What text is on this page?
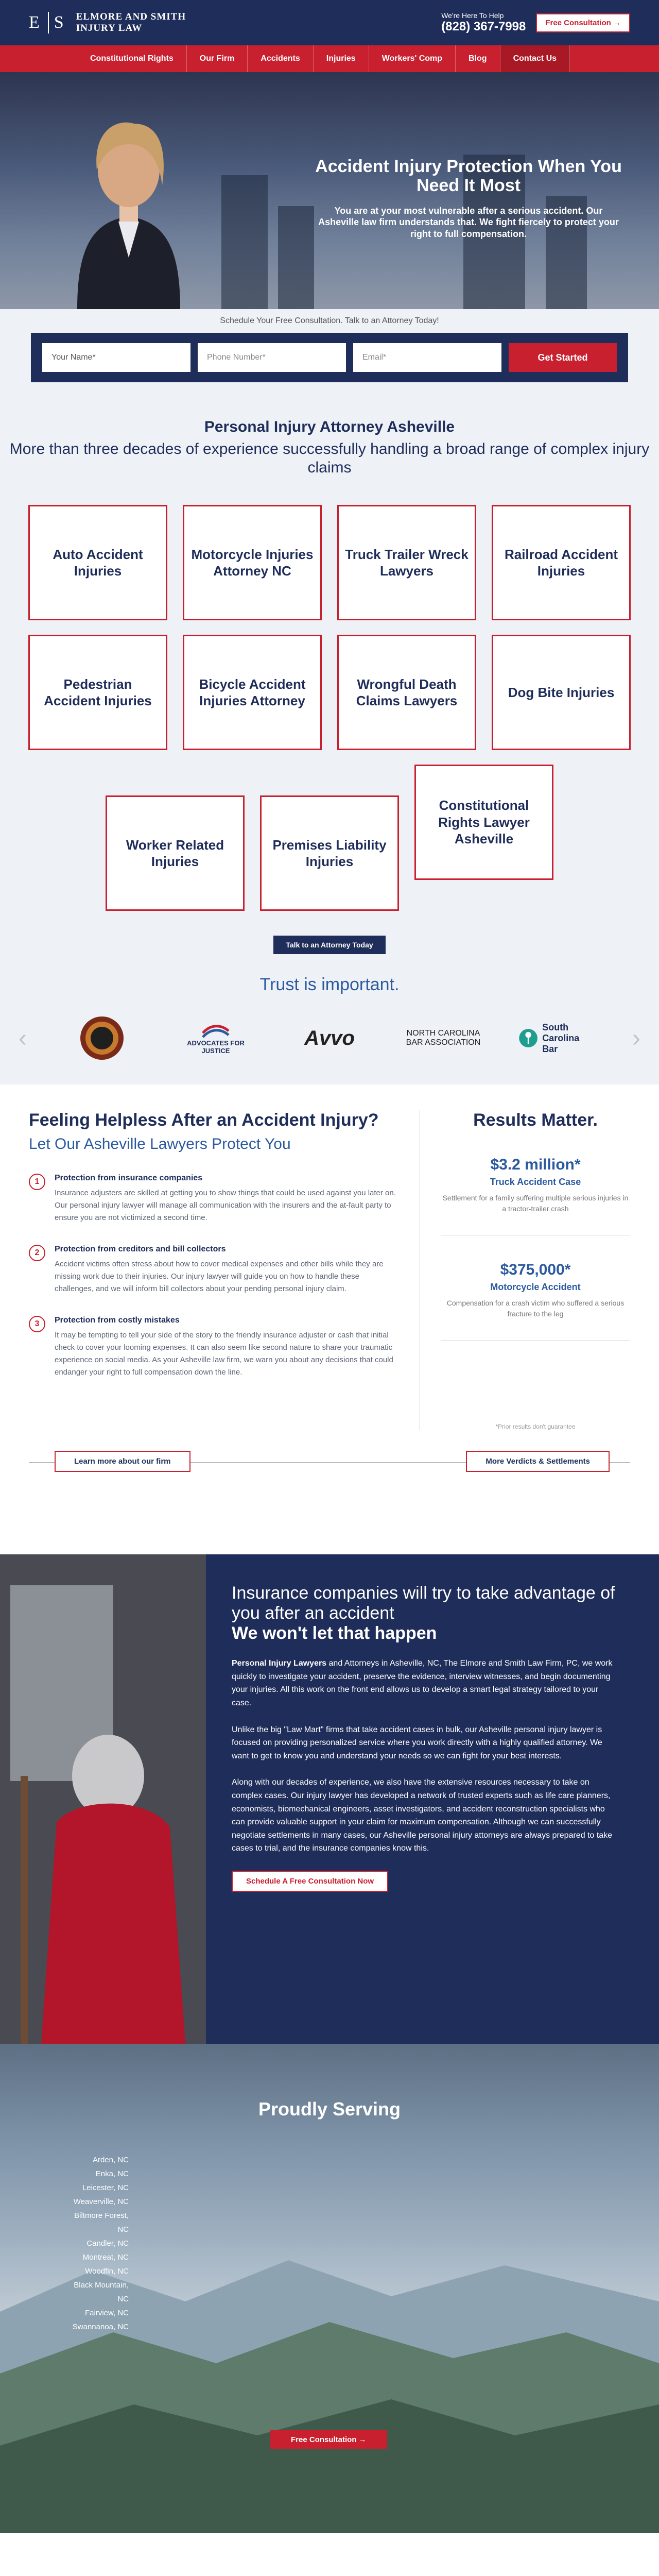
E S ELMORE AND SMITH
INJURY LAW
We're Here To Help
(828) 367-7998	Free Consultation →
Constitutional Rights	Our Firm	Accidents	Injuries	Workers' Comp	Blog	Contact Us
Accident Injury Protection When You Need It Most

You are at your most vulnerable after a serious accident. Our Asheville law firm understands that. We fight fiercely to protect your right to full compensation.

Schedule Your Free Consultation. Talk to an Attorney Today!
Your Name*	Phone Number*	Email*	Get Started
Personal Injury Attorney Asheville
More than three decades of experience successfully handling a broad range of complex injury claims
Auto Accident Injuries
Motorcycle Injuries Attorney NC
Truck Trailer Wreck Lawyers
Railroad Accident Injuries
Pedestrian Accident Injuries
Bicycle Accident Injuries Attorney
Wrongful Death Claims Lawyers
Dog Bite Injuries
Worker Related Injuries
Premises Liability Injuries
Constitutional Rights Lawyer Asheville
Talk to an Attorney Today
Trust is important.
‹	ADVOCATES FOR JUSTICE
Avvo	NORTH CAROLINA BAR ASSOCIATION
South Carolina Bar	›
Feeling Helpless After an Accident Injury?
Let Our Asheville Lawyers Protect You
1	Protection from insurance companies

Insurance adjusters are skilled at getting you to show things that could be used against you later on. Our personal injury lawyer will manage all communication with the insurers and the at-fault party to ensure you are not victimized a second time.

2	Protection from creditors and bill collectors

Accident victims often stress about how to cover medical expenses and other bills while they are missing work due to their injuries. Our injury lawyer will guide you on how to handle these challenges, and we will inform bill collectors about your pending personal injury claim.

3	Protection from costly mistakes

It may be tempting to tell your side of the story to the friendly insurance adjuster or cash that initial check to cover your looming expenses. It can also seem like second nature to share your traumatic experience on social media. As your Asheville law firm, we warn you about any decisions that could endanger your right to full compensation down the line.

Results Matter.
$3.2 million*
Truck Accident Case

Settlement for a family suffering multiple serious injuries in a tractor-trailer crash

$375,000*
Motorcycle Accident

Compensation for a crash victim who suffered a serious fracture to the leg

*Prior results don't guarantee
Learn more about our firm	More Verdicts & Settlements
Insurance companies will try to take advantage of you after an accident
We won't let that happen

Personal Injury Lawyers and Attorneys in Asheville, NC, The Elmore and Smith Law Firm, PC, we work quickly to investigate your accident, preserve the evidence, interview witnesses, and begin documenting your injuries. All this work on the front end allows us to develop a smart legal strategy tailored to your case.

Unlike the big "Law Mart" firms that take accident cases in bulk, our Asheville personal injury lawyer is focused on providing personalized service where you work directly with a highly qualified attorney. We want to get to know you and understand your needs so we can fight for your best interests.

Along with our decades of experience, we also have the extensive resources necessary to take on complex cases. Our injury lawyer has developed a network of trusted experts such as life care planners, economists, biomechanical engineers, asset investigators, and accident reconstruction specialists who can provide valuable support in your claim for maximum compensation. Although we can successfully negotiate settlements in many cases, our Asheville personal injury attorneys are always prepared to take cases to trial, and the insurance companies know this.

Schedule A Free Consultation Now
Proudly Serving
Arden, NC
Enka, NC
Leicester, NC
Weaverville, NC
Biltmore Forest, NC
Candler, NC
Montreat, NC
Woodfin, NC
Black Mountain, NC
Fairview, NC
Swannanoa, NC
Free Consultation →
